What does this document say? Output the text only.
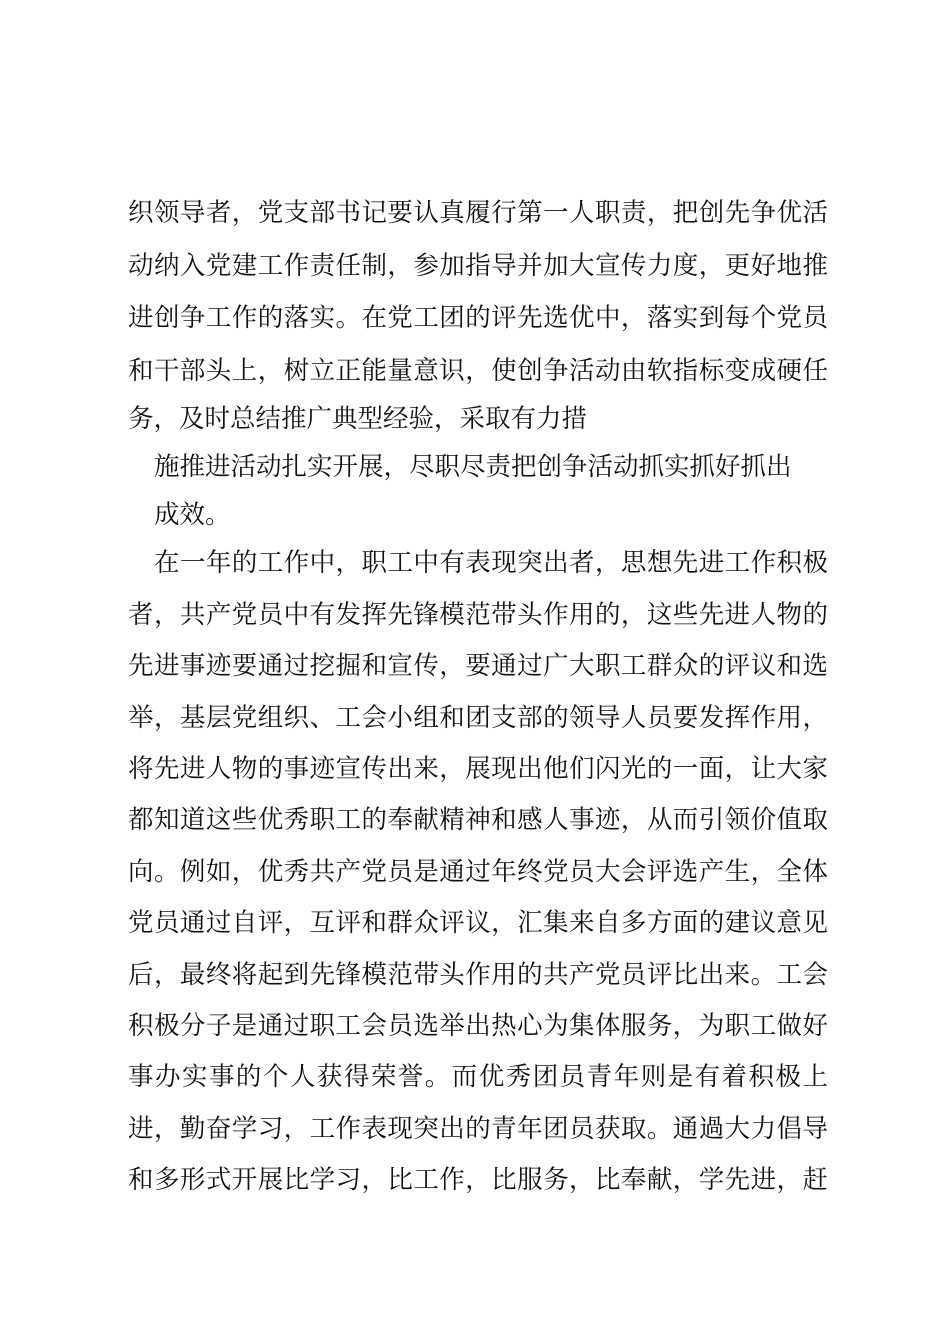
织领导者，党支部书记要认真履行第一人职责，把创先争优活
动纳入党建工作责任制，参加指导并加大宣传力度，更好地推
进创争工作的落实。在党工团的评先选优中，落实到每个党员
和干部头上，树立正能量意识，使创争活动由软指标变成硬任
务，及时总结推广典型经验，采取有力措
施推进活动扎实开展，尽职尽责把创争活动抓实抓好抓出
成效。
在一年的工作中，职工中有表现突出者，思想先进工作积极
者，共产党员中有发挥先锋模范带头作用的，这些先进人物的
先进事迹要通过挖掘和宣传，要通过广大职工群众的评议和选
举，基层党组织、工会小组和团支部的领导人员要发挥作用，
将先进人物的事迹宣传出来，展现出他们闪光的一面，让大家
都知道这些优秀职工的奉献精神和感人事迹，从而引领价值取
向。例如，优秀共产党员是通过年终党员大会评选产生，全体
党员通过自评，互评和群众评议，汇集来自多方面的建议意见
后，最终将起到先锋模范带头作用的共产党员评比出来。工会
积极分子是通过职工会员选举出热心为集体服务，为职工做好
事办实事的个人获得荣誉。而优秀团员青年则是有着积极上
进，勤奋学习，工作表现突出的青年团员获取。通過大力倡导
和多形式开展比学习，比工作，比服务，比奉献，学先进，赶
